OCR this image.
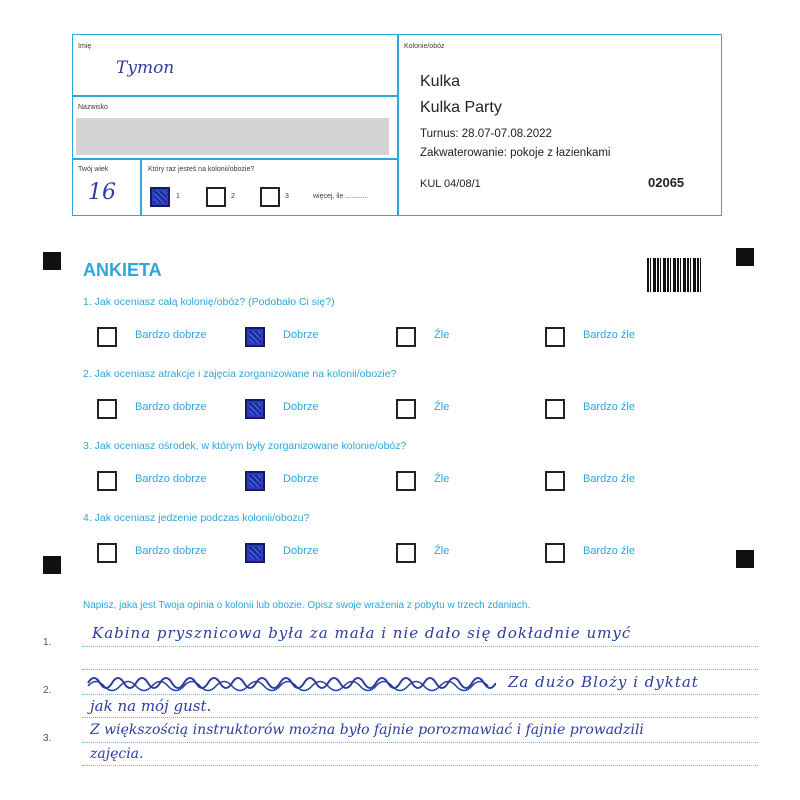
Imię
Tymon
Nazwisko
Twój wiek
16
Który raz jesteś na kolonii/obozie?
1	2	3	więcej, ile ............
Kolonie/obóz
Kulka
Kulka Party
Turnus: 28.07-07.08.2022
Zakwaterowanie: pokoje z łazienkami
KUL 04/08/1	02065
ANKIETA
1. Jak oceniasz całą kolonię/obóz? (Podobało Ci się?)
Bardzo dobrze	Dobrze	Źle	Bardzo źle
2. Jak oceniasz atrakcje i zajęcia zorganizowane na kolonii/obozie?
Bardzo dobrze	Dobrze	Źle	Bardzo źle
3. Jak oceniasz ośrodek, w którym były zorganizowane kolonie/obóz?
Bardzo dobrze	Dobrze	Źle	Bardzo źle
4. Jak oceniasz jedzenie podczas kolonii/obozu?
Bardzo dobrze	Dobrze	Źle	Bardzo źle
Napisz, jaka jest Twoja opinia o kolonii lub obozie. Opisz swoje wrażenia z pobytu w trzech zdaniach.
1.
2.
3.
Kabina prysznicowa była za mała i nie dało się dokładnie umyć
Za dużo Bloży i dyktat
jak na mój gust.
Z większością instruktorów można było fajnie porozmawiać i fajnie prowadzili
zajęcia.
